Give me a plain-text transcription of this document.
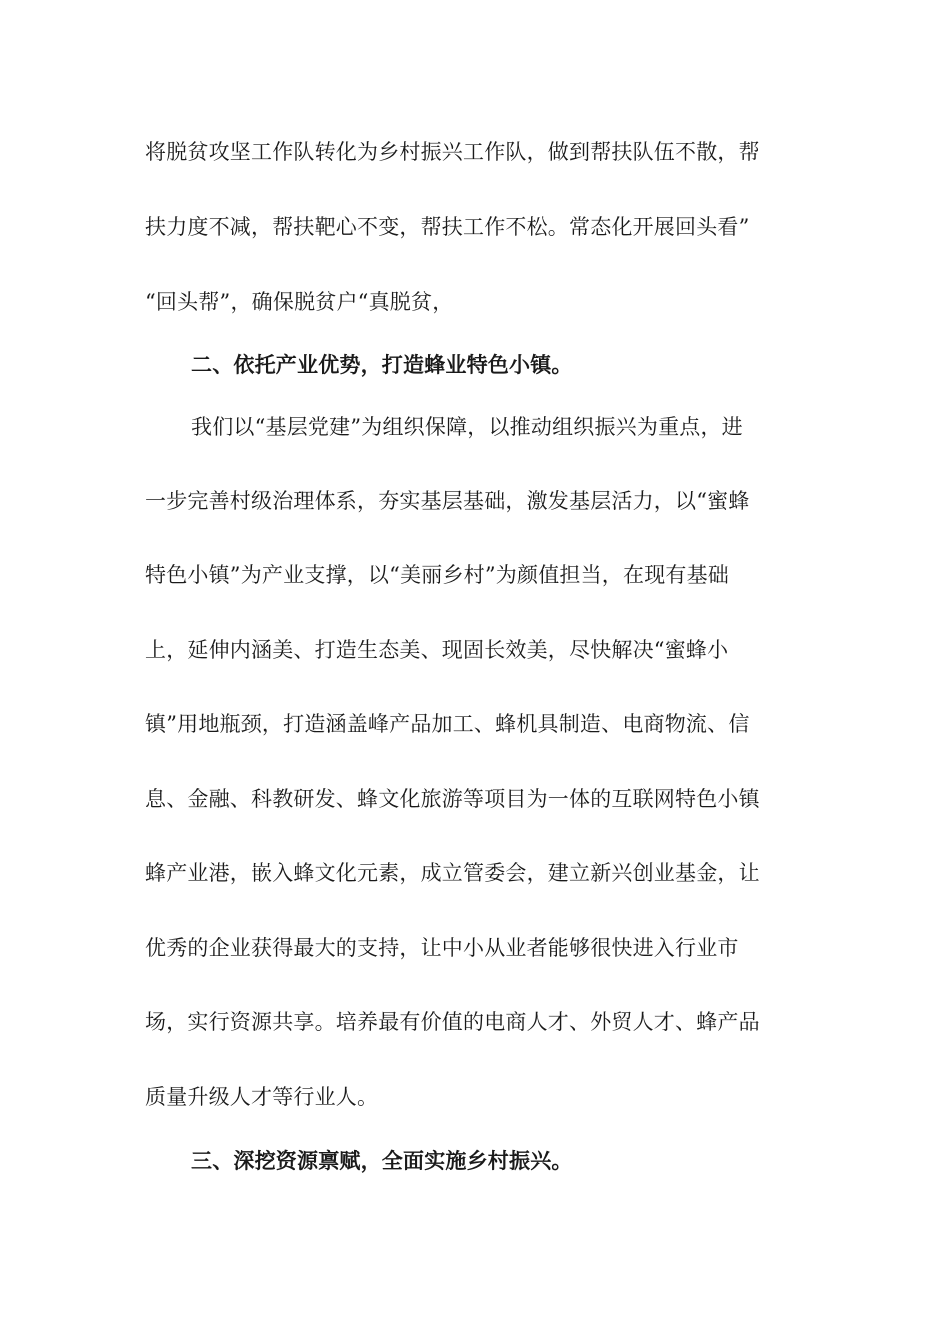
将脱贫攻坚工作队转化为乡村振兴工作队，做到帮扶队伍不散，帮
扶力度不减，帮扶靶心不变，帮扶工作不松。常态化开展回头看”
“回头帮”，确保脱贫户“真脱贫，
二、依托产业优势，打造蜂业特色小镇。
我们以“基层党建”为组织保障，以推动组织振兴为重点，进
一步完善村级治理体系，夯实基层基础，激发基层活力，以“蜜蜂
特色小镇”为产业支撑，以“美丽乡村”为颜值担当，在现有基础
上，延伸内涵美、打造生态美、现固长效美，尽快解决“蜜蜂小
镇”用地瓶颈，打造涵盖峰产品加工、蜂机具制造、电商物流、信
息、金融、科教研发、蜂文化旅游等项目为一体的互联网特色小镇
蜂产业港，嵌入蜂文化元素，成立管委会，建立新兴创业基金，让
优秀的企业获得最大的支持，让中小从业者能够很快进入行业市
场，实行资源共享。培养最有价值的电商人才、外贸人才、蜂产品
质量升级人才等行业人。
三、深挖资源禀赋，全面实施乡村振兴。
